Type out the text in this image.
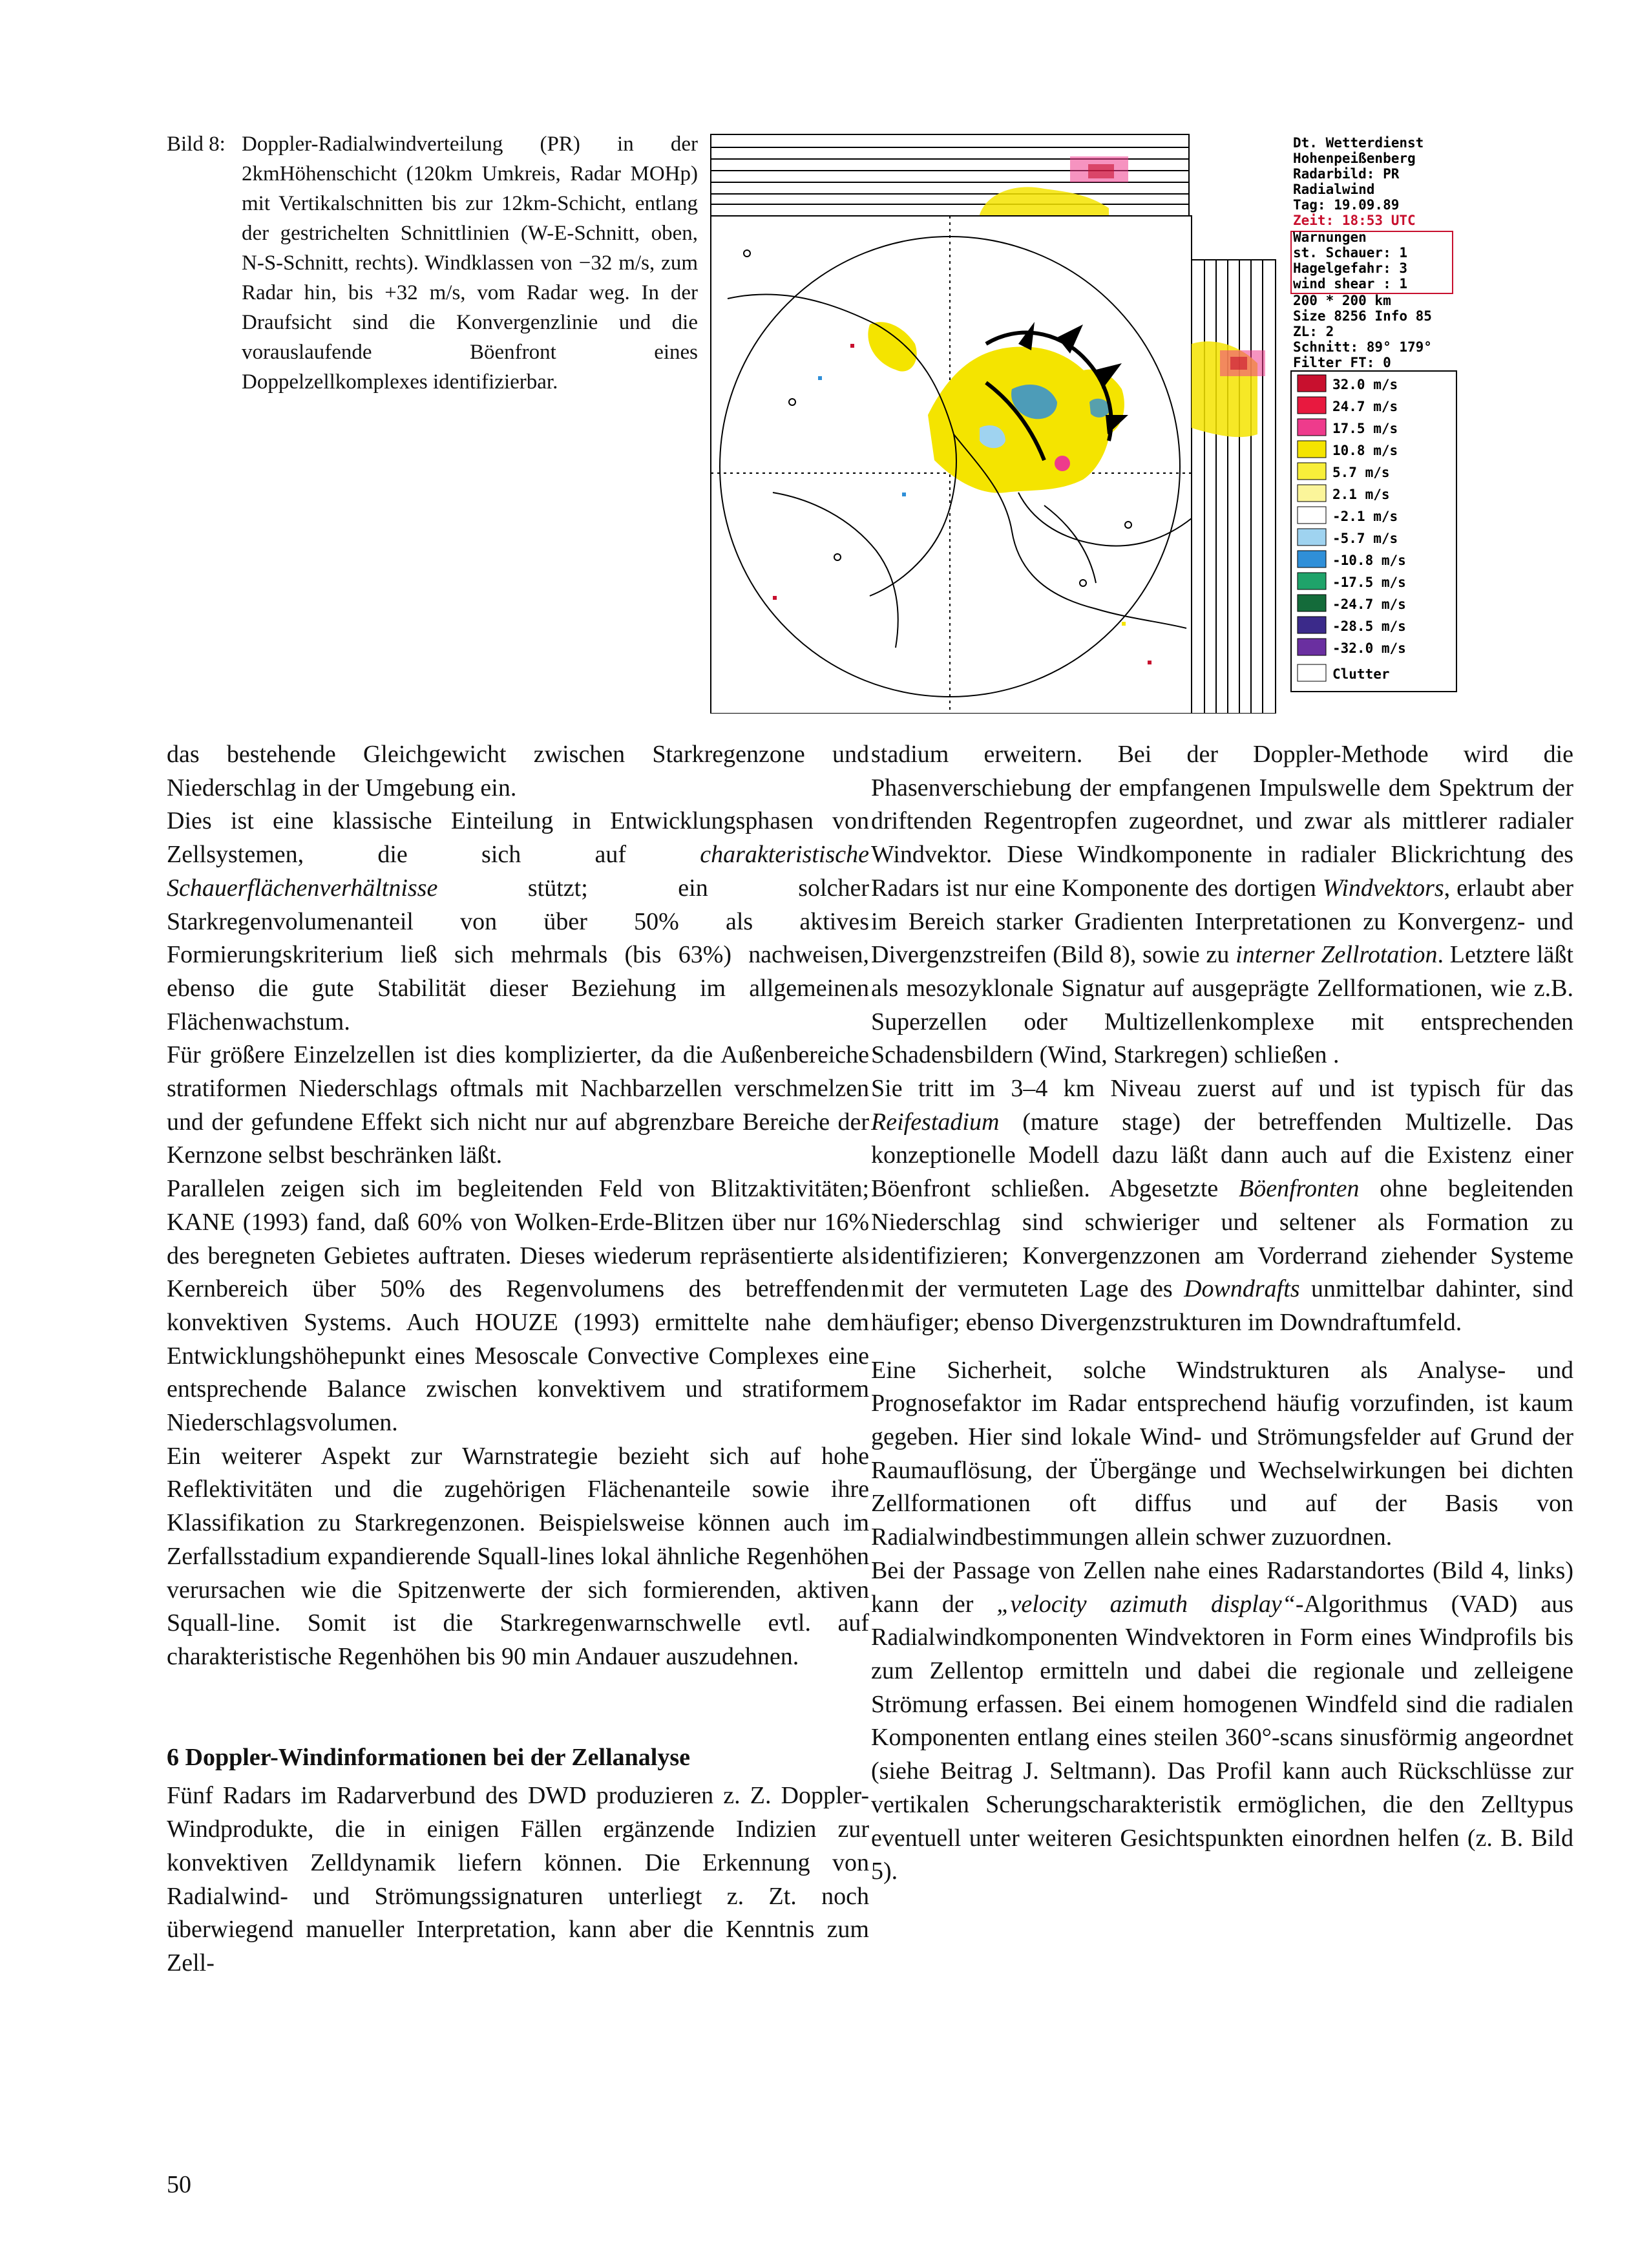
Bild 8: Doppler-Radialwindverteilung (PR) in der 2kmHöhenschicht (120km Umkreis, Radar MOHp) mit Vertikalschnitten bis zur 12km-Schicht, entlang der gestrichelten Schnittlinien (W-E-Schnitt, oben, N-S-Schnitt, rechts). Windklassen von −32 m/s, zum Radar hin, bis +32 m/s, vom Radar weg. In der Draufsicht sind die Konvergenzlinie und die vorauslaufende Böenfront eines Doppelzellkomplexes identifizierbar.
Dt. Wetterdienst
Hohenpeißenberg
Radarbild: PR
Radialwind
Tag: 19.09.89
Zeit: 18:53 UTC
Warnungen
st. Schauer: 1
Hagelgefahr: 3
wind shear : 1
200 * 200 km
Size 8256 Info 85
ZL: 2
Schnitt: 89° 179°
Filter FT: 0
32.0 m/s
24.7 m/s
17.5 m/s
10.8 m/s
5.7 m/s
2.1 m/s
-2.1 m/s
-5.7 m/s
-10.8 m/s
-17.5 m/s
-24.7 m/s
-28.5 m/s
-32.0 m/s
Clutter

das bestehende Gleichgewicht zwischen Starkregenzone und Niederschlag in der Umgebung ein.

Dies ist eine klassische Einteilung in Entwicklungsphasen von Zellsystemen, die sich auf charakteristische Schauerflächenverhältnisse stützt; ein solcher Starkregenvolumenanteil von über 50% als aktives Formierungskriterium ließ sich mehrmals (bis 63%) nachweisen, ebenso die gute Stabilität dieser Beziehung im allgemeinen Flächenwachstum.

Für größere Einzelzellen ist dies komplizierter, da die Außenbereiche stratiformen Niederschlags oftmals mit Nachbarzellen verschmelzen und der gefundene Effekt sich nicht nur auf abgrenzbare Bereiche der Kernzone selbst beschränken läßt.

Parallelen zeigen sich im begleitenden Feld von Blitzaktivitäten; KANE (1993) fand, daß 60% von Wolken-Erde-Blitzen über nur 16% des beregneten Gebietes auftraten. Dieses wiederum repräsentierte als Kernbereich über 50% des Regenvolumens des betreffenden konvektiven Systems. Auch HOUZE (1993) ermittelte nahe dem Entwicklungshöhepunkt eines Mesoscale Convective Complexes eine entsprechende Balance zwischen konvektivem und stratiformem Niederschlagsvolumen.

Ein weiterer Aspekt zur Warnstrategie bezieht sich auf hohe Reflektivitäten und die zugehörigen Flächenanteile sowie ihre Klassifikation zu Starkregenzonen. Beispielsweise können auch im Zerfallsstadium expandierende Squall-lines lokal ähnliche Regenhöhen verursachen wie die Spitzenwerte der sich formierenden, aktiven Squall-line. Somit ist die Starkregenwarnschwelle evtl. auf charakteristische Regenhöhen bis 90 min Andauer auszudehnen.

6 Doppler-Windinformationen bei der Zellanalyse

Fünf Radars im Radarverbund des DWD produzieren z. Z. Doppler-Windprodukte, die in einigen Fällen ergänzende Indizien zur konvektiven Zelldynamik liefern können. Die Erkennung von Radialwind- und Strömungssignaturen unterliegt z. Zt. noch überwiegend manueller Interpretation, kann aber die Kenntnis zum Zell-

stadium erweitern. Bei der Doppler-Methode wird die Phasenverschiebung der empfangenen Impulswelle dem Spektrum der driftenden Regentropfen zugeordnet, und zwar als mittlerer radialer Windvektor. Diese Windkomponente in radialer Blickrichtung des Radars ist nur eine Komponente des dortigen Windvektors, erlaubt aber im Bereich starker Gradienten Interpretationen zu Konvergenz- und Divergenzstreifen (Bild 8), sowie zu interner Zellrotation. Letztere läßt als mesozyklonale Signatur auf ausgeprägte Zellformationen, wie z.B. Superzellen oder Multizellenkomplexe mit entsprechenden Schadensbildern (Wind, Starkregen) schließen .

Sie tritt im 3–4 km Niveau zuerst auf und ist typisch für das Reifestadium (mature stage) der betreffenden Multizelle. Das konzeptionelle Modell dazu läßt dann auch auf die Existenz einer Böenfront schließen. Abgesetzte Böenfronten ohne begleitenden Niederschlag sind schwieriger und seltener als Formation zu identifizieren; Konvergenzzonen am Vorderrand ziehender Systeme mit der vermuteten Lage des Downdrafts unmittelbar dahinter, sind häufiger; ebenso Divergenzstrukturen im Downdraftumfeld.

Eine Sicherheit, solche Windstrukturen als Analyse- und Prognosefaktor im Radar entsprechend häufig vorzufinden, ist kaum gegeben. Hier sind lokale Wind- und Strömungsfelder auf Grund der Raumauflösung, der Übergänge und Wechselwirkungen bei dichten Zellformationen oft diffus und auf der Basis von Radialwindbestimmungen allein schwer zuzuordnen.

Bei der Passage von Zellen nahe eines Radarstandortes (Bild 4, links) kann der „velocity azimuth display“-Algorithmus (VAD) aus Radialwindkomponenten Windvektoren in Form eines Windprofils bis zum Zellentop ermitteln und dabei die regionale und zelleigene Strömung erfassen. Bei einem homogenen Windfeld sind die radialen Komponenten entlang eines steilen 360°-scans sinusförmig angeordnet (siehe Beitrag J. Seltmann). Das Profil kann auch Rückschlüsse zur vertikalen Scherungscharakteristik ermöglichen, die den Zelltypus eventuell unter weiteren Gesichtspunkten einordnen helfen (z. B. Bild 5).

50
